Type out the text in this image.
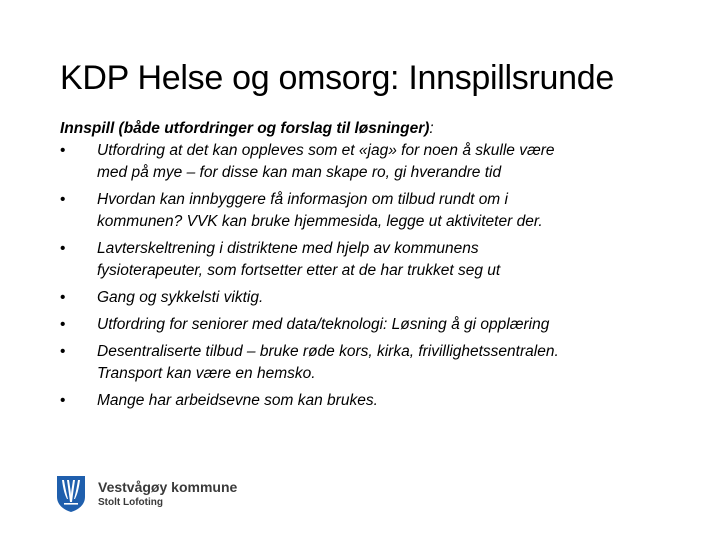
KDP Helse og omsorg: Innspillsrunde
Innspill (både utfordringer og forslag til løsninger):
• Utfordring at det kan oppleves som et «jag» for noen å skulle være
med på mye – for disse kan man skape ro, gi hverandre tid
• Hvordan kan innbyggere få informasjon om tilbud rundt om i
kommunen? VVK kan bruke hjemmesida, legge ut aktiviteter der.
• Lavterskeltrening i distriktene med hjelp av kommunens
fysioterapeuter, som fortsetter etter at de har trukket seg ut
• Gang og sykkelsti viktig.
• Utfordring for seniorer med data/teknologi: Løsning å gi opplæring
• Desentraliserte tilbud – bruke røde kors, kirka, frivillighetssentralen.
Transport kan være en hemsko.
• Mange har arbeidsevne som kan brukes.
Vestvågøy kommune
Stolt Lofoting
